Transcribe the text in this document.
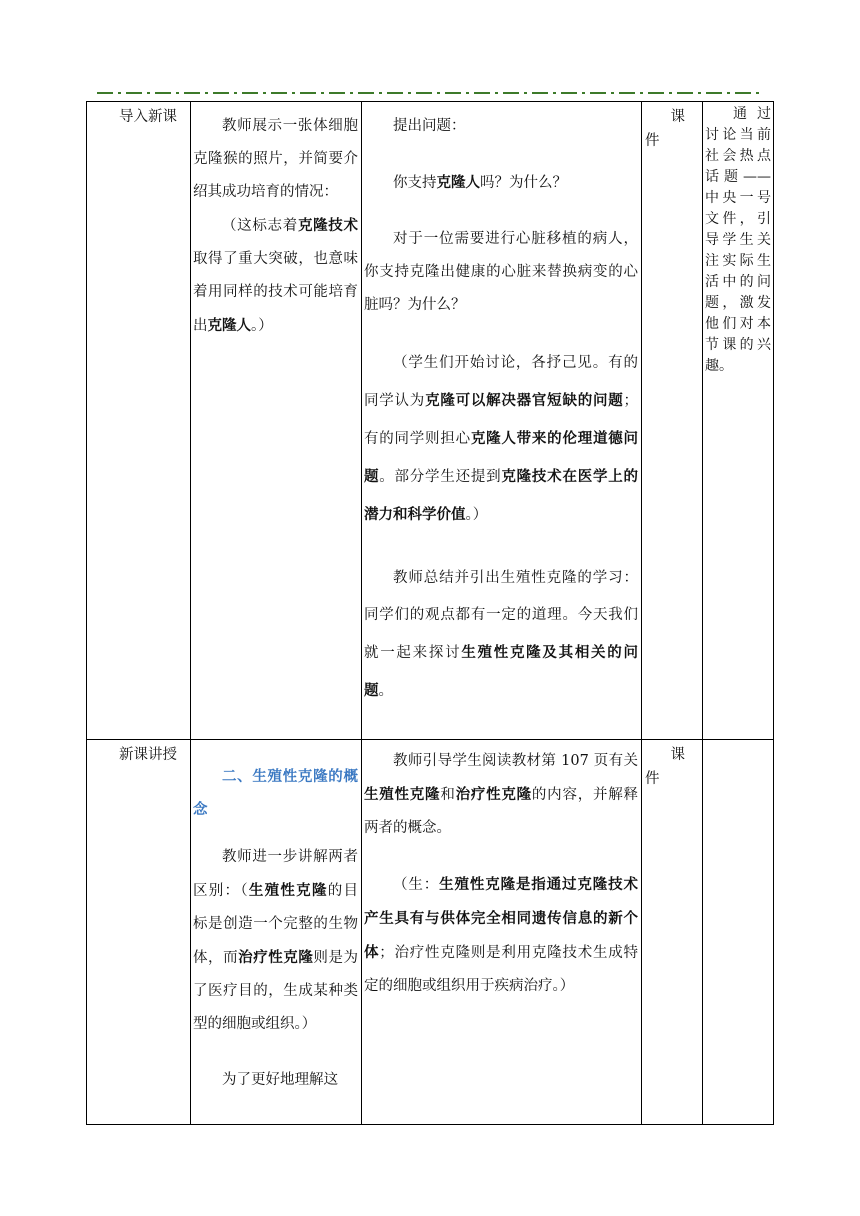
导入新课

教师展示一张体细胞克隆猴的照片，并简要介绍其成功培育的情况：

（这标志着克隆技术取得了重大突破，也意味着用同样的技术可能培育出克隆人。）

提出问题：

你支持克隆人吗？为什么？

对于一位需要进行心脏移植的病人，你支持克隆出健康的心脏来替换病变的心脏吗？为什么？

（学生们开始讨论，各抒己见。有的同学认为克隆可以解决器官短缺的问题；有的同学则担心克隆人带来的伦理道德问题。部分学生还提到克隆技术在医学上的潜力和科学价值。）

教师总结并引出生殖性克隆的学习：同学们的观点都有一定的道理。今天我们就一起来探讨生殖性克隆及其相关的问题。

课
件

通过讨论当前社会热点话题——中央一号文件，引导学生关注实际生活中的问题，激发他们对本节课的兴趣。

新课讲授

二、生殖性克隆的概念

教师进一步讲解两者区别：（生殖性克隆的目标是创造一个完整的生物体，而治疗性克隆则是为了医疗目的，生成某种类型的细胞或组织。）

为了更好地理解这

教师引导学生阅读教材第 107 页有关生殖性克隆和治疗性克隆的内容，并解释两者的概念。

（生：生殖性克隆是指通过克隆技术产生具有与供体完全相同遗传信息的新个体；治疗性克隆则是利用克隆技术生成特定的细胞或组织用于疾病治疗。）

课
件
